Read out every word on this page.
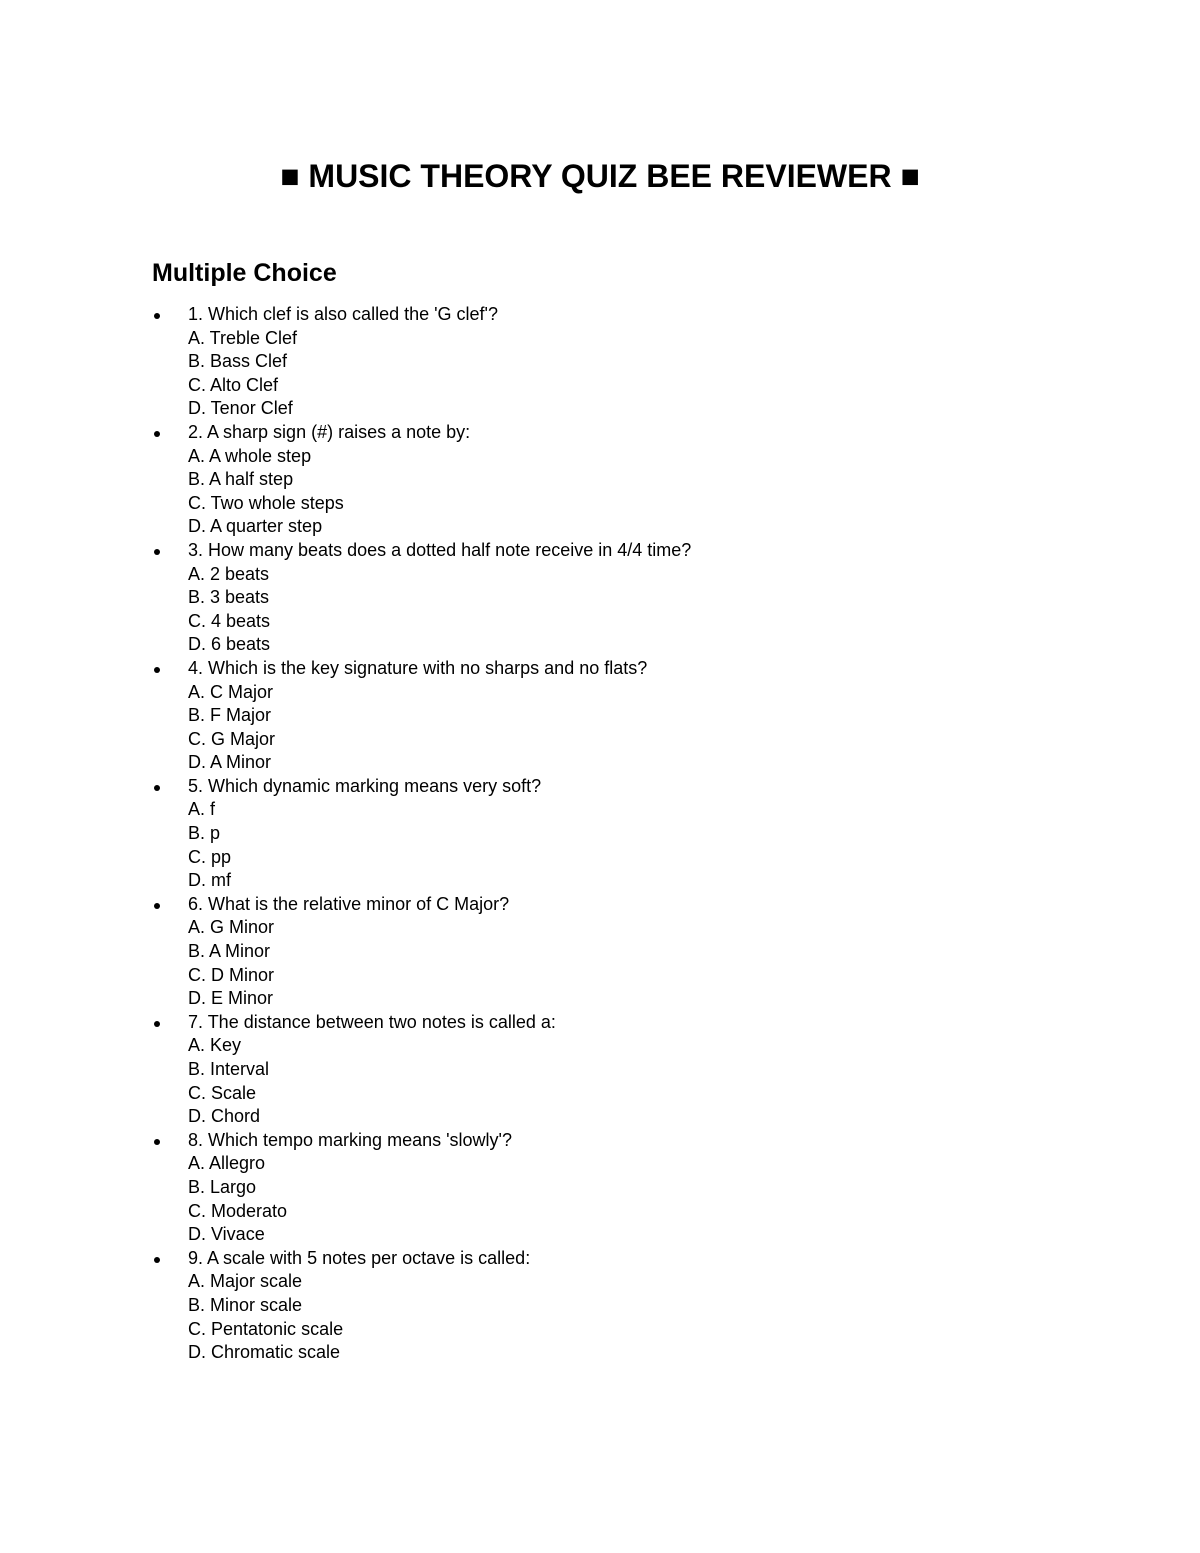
■ MUSIC THEORY QUIZ BEE REVIEWER ■
Multiple Choice
1. Which clef is also called the 'G clef'?
A. Treble Clef
B. Bass Clef
C. Alto Clef
D. Tenor Clef
2. A sharp sign (#) raises a note by:
A. A whole step
B. A half step
C. Two whole steps
D. A quarter step
3. How many beats does a dotted half note receive in 4/4 time?
A. 2 beats
B. 3 beats
C. 4 beats
D. 6 beats
4. Which is the key signature with no sharps and no flats?
A. C Major
B. F Major
C. G Major
D. A Minor
5. Which dynamic marking means very soft?
A. f
B. p
C. pp
D. mf
6. What is the relative minor of C Major?
A. G Minor
B. A Minor
C. D Minor
D. E Minor
7. The distance between two notes is called a:
A. Key
B. Interval
C. Scale
D. Chord
8. Which tempo marking means 'slowly'?
A. Allegro
B. Largo
C. Moderato
D. Vivace
9. A scale with 5 notes per octave is called:
A. Major scale
B. Minor scale
C. Pentatonic scale
D. Chromatic scale
